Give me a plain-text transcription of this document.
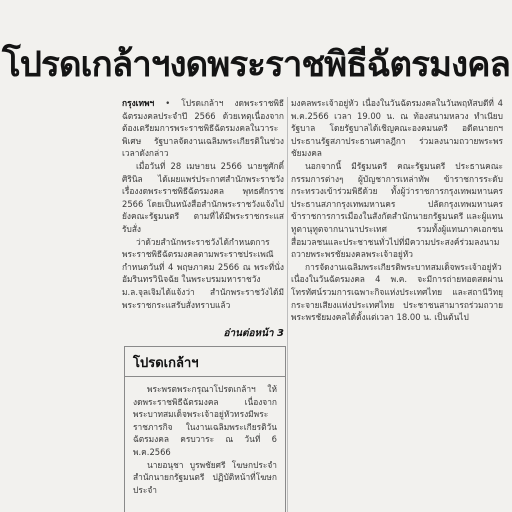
โปรดเกล้าฯงดพระราชพิธีฉัตรมงคล

กรุงเทพฯ • โปรดเกล้าฯ งดพระราชพิธีฉัตรมงคลประจำปี 2566 ด้วยเหตุเนื่องจากต้องเตรียมการพระราชพิธีฉัตรมงคลในวาระพิเศษ รัฐบาลจัดงานเฉลิมพระเกียรติในช่วงเวลาดังกล่าว

เมื่อวันที่ 28 เมษายน 2566 นายชูศักดิ์ ศิรินิล ได้เผยแพร่ประกาศสำนักพระราชวัง เรื่องงดพระราชพิธีฉัตรมงคล พุทธศักราช 2566 โดยเป็นหนังสือสำนักพระราชวังแจ้งไปยังคณะรัฐมนตรี ตามที่ได้มีพระราชกระแสรับสั่ง

ว่าด้วยสำนักพระราชวังได้กำหนดการพระราชพิธีฉัตรมงคลตามพระราชประเพณี กำหนดวันที่ 4 พฤษภาคม 2566 ณ พระที่นั่งอัมรินทรวินิจฉัย ในพระบรมมหาราชวัง

ม.ล.จุลเจิมได้แจ้งว่า สำนักพระราชวังได้มีพระราชกระแสรับสั่งทราบแล้ว

อ่านต่อหน้า 3

มงคลพระเจ้าอยู่หัว เนื่องในวันฉัตรมงคลในวันพฤหัสบดีที่ 4 พ.ค.2566 เวลา 19.00 น. ณ ท้องสนามหลวง ทำเนียบรัฐบาล โดยรัฐบาลได้เชิญคณะองคมนตรี อดีตนายกฯ ประธานรัฐสภาประธานศาลฎีกา ร่วมลงนามถวายพระพรชัยมงคล

นอกจากนี้ มีรัฐมนตรี คณะรัฐมนตรี ประธานคณะกรรมการต่างๆ ผู้บัญชาการเหล่าทัพ ข้าราชการระดับกระทรวงเข้าร่วมพิธีด้วย ทั้งผู้ว่าราชการกรุงเทพมหานคร ประธานสภากรุงเทพมหานคร ปลัดกรุงเทพมหานคร ข้าราชการการเมืองในสังกัดสำนักนายกรัฐมนตรี และผู้แทนทูตานุทูตจากนานาประเทศ รวมทั้งผู้แทนภาคเอกชน สื่อมวลชนและประชาชนทั่วไปที่มีความประสงค์ร่วมลงนามถวายพระพรชัยมงคลพระเจ้าอยู่หัว

การจัดงานเฉลิมพระเกียรติพระบาทสมเด็จพระเจ้าอยู่หัวเนื่องในวันฉัตรมงคล 4 พ.ค. จะมีการถ่ายทอดสดผ่านโทรทัศน์รวมการเฉพาะกิจแห่งประเทศไทย และสถานีวิทยุกระจายเสียงแห่งประเทศไทย ประชาชนสามารถร่วมถวายพระพรชัยมงคลได้ตั้งแต่เวลา 18.00 น. เป็นต้นไป

โปรดเกล้าฯ

พระพรตพระกรุณาโปรดเกล้าฯ ให้งดพระราชพิธีฉัตรมงคล เนื่องจากพระบาทสมเด็จพระเจ้าอยู่หัวทรงมีพระราชภารกิจ ในงานเฉลิมพระเกียรติวันฉัตรมงคล ครบวาระ ณ วันที่ 6 พ.ค.2566

นายอนุชา บูรพชัยศรี โฆษกประจำสำนักนายกรัฐมนตรี ปฏิบัติหน้าที่โฆษกประจำ
